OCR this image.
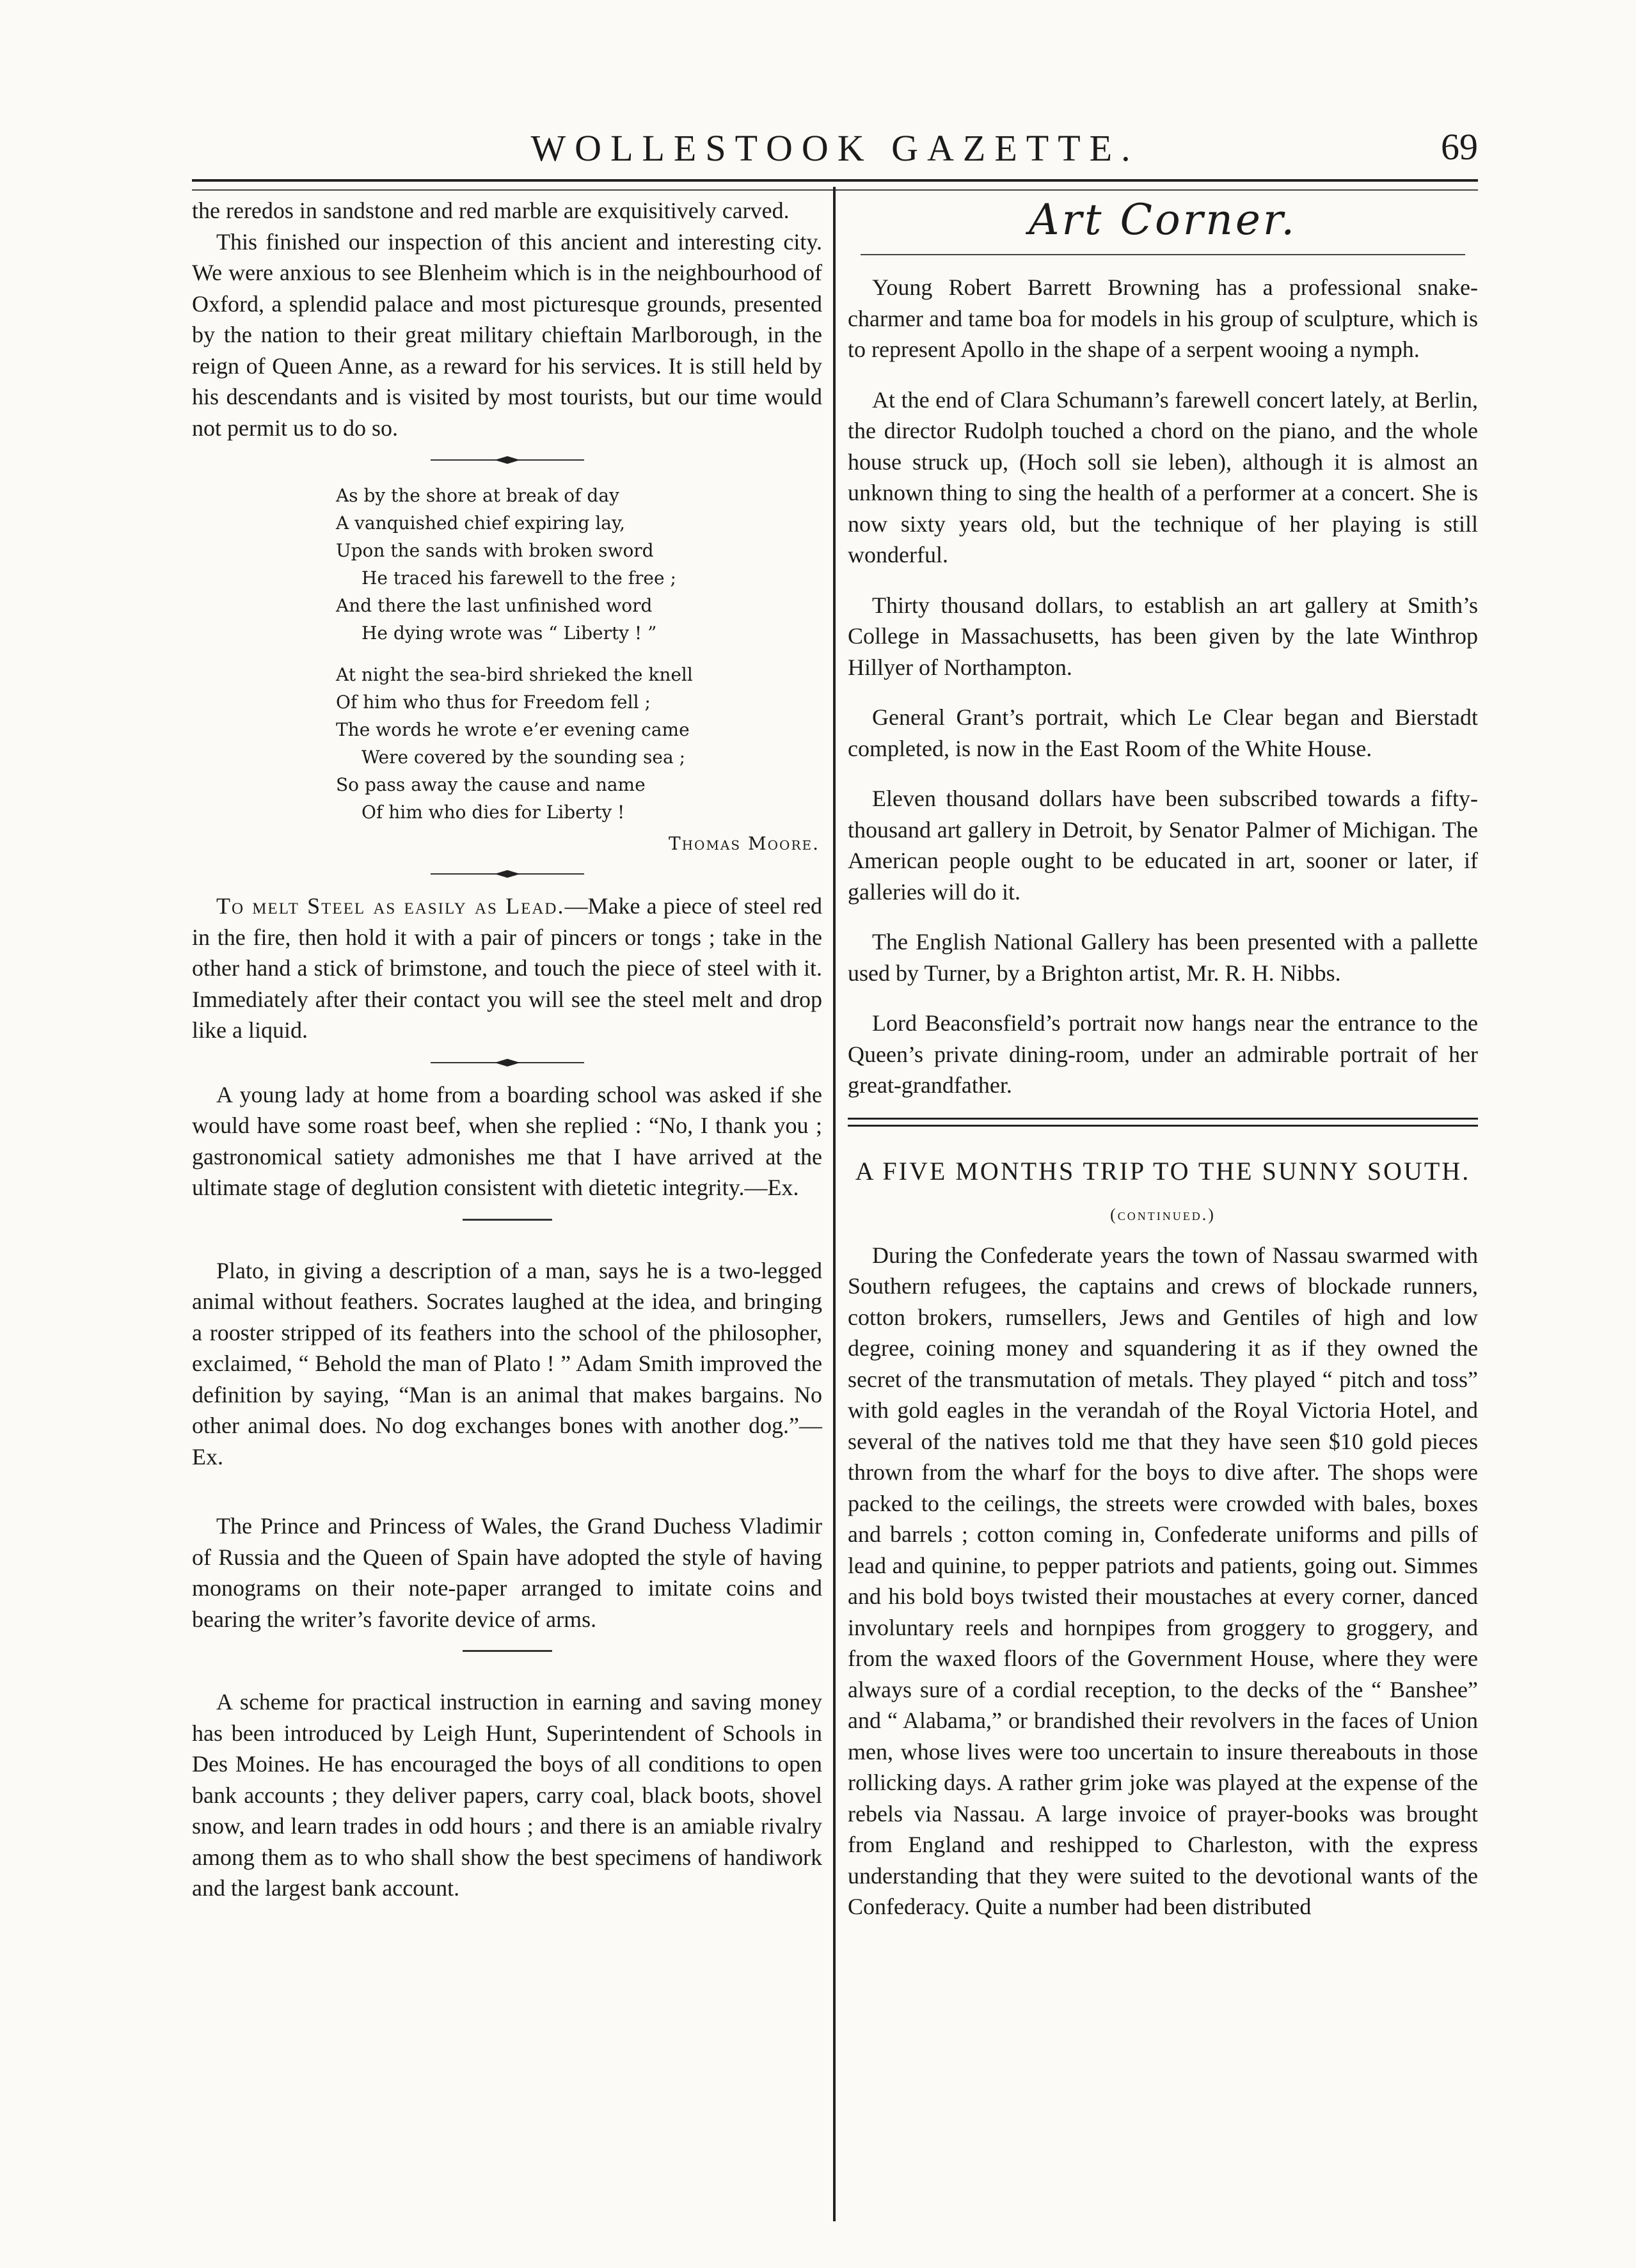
WOLLESTOOK GAZETTE.	69

the reredos in sandstone and red marble are exquisitively carved.

This finished our inspection of this ancient and interesting city. We were anxious to see Blenheim which is in the neighbourhood of Oxford, a splendid palace and most picturesque grounds, presented by the nation to their great military chieftain Marlborough, in the reign of Queen Anne, as a reward for his services. It is still held by his descendants and is visited by most tourists, but our time would not permit us to do so.

As by the shore at break of day
A vanquished chief expiring lay,
Upon the sands with broken sword
He traced his farewell to the free ;
And there the last unfinished word
He dying wrote was “ Liberty ! ”
At night the sea-bird shrieked the knell
Of him who thus for Freedom fell ;
The words he wrote e’er evening came
Were covered by the sounding sea ;
So pass away the cause and name
Of him who dies for Liberty !
Thomas Moore.

To melt Steel as easily as Lead.—Make a piece of steel red in the fire, then hold it with a pair of pincers or tongs ; take in the other hand a stick of brimstone, and touch the piece of steel with it. Immediately after their contact you will see the steel melt and drop like a liquid.

A young lady at home from a boarding school was asked if she would have some roast beef, when she replied : “No, I thank you ; gastronomical satiety admonishes me that I have arrived at the ultimate stage of deglution consistent with dietetic integrity.—Ex.

Plato, in giving a description of a man, says he is a two-legged animal without feathers. Socrates laughed at the idea, and bringing a rooster stripped of its feathers into the school of the philosopher, exclaimed, “ Behold the man of Plato ! ” Adam Smith improved the definition by saying, “Man is an animal that makes bargains. No other animal does. No dog exchanges bones with another dog.”—Ex.

The Prince and Princess of Wales, the Grand Duchess Vladimir of Russia and the Queen of Spain have adopted the style of having monograms on their note-paper arranged to imitate coins and bearing the writer’s favorite device of arms.

A scheme for practical instruction in earning and saving money has been introduced by Leigh Hunt, Superintendent of Schools in Des Moines. He has encouraged the boys of all conditions to open bank accounts ; they deliver papers, carry coal, black boots, shovel snow, and learn trades in odd hours ; and there is an amiable rivalry among them as to who shall show the best specimens of handiwork and the largest bank account.

Art Corner.

Young Robert Barrett Browning has a professional snake-charmer and tame boa for models in his group of sculpture, which is to represent Apollo in the shape of a serpent wooing a nymph.

At the end of Clara Schumann’s farewell concert lately, at Berlin, the director Rudolph touched a chord on the piano, and the whole house struck up, (Hoch soll sie leben), although it is almost an unknown thing to sing the health of a performer at a concert. She is now sixty years old, but the technique of her playing is still wonderful.

Thirty thousand dollars, to establish an art gallery at Smith’s College in Massachusetts, has been given by the late Winthrop Hillyer of Northampton.

General Grant’s portrait, which Le Clear began and Bierstadt completed, is now in the East Room of the White House.

Eleven thousand dollars have been subscribed towards a fifty-thousand art gallery in Detroit, by Senator Palmer of Michigan. The American people ought to be educated in art, sooner or later, if galleries will do it.

The English National Gallery has been presented with a pallette used by Turner, by a Brighton artist, Mr. R. H. Nibbs.

Lord Beaconsfield’s portrait now hangs near the entrance to the Queen’s private dining-room, under an admirable portrait of her great-grandfather.

A FIVE MONTHS TRIP TO THE SUNNY SOUTH.
(continued.)

During the Confederate years the town of Nassau swarmed with Southern refugees, the captains and crews of blockade runners, cotton brokers, rumsellers, Jews and Gentiles of high and low degree, coining money and squandering it as if they owned the secret of the transmutation of metals. They played “ pitch and toss” with gold eagles in the verandah of the Royal Victoria Hotel, and several of the natives told me that they have seen $10 gold pieces thrown from the wharf for the boys to dive after. The shops were packed to the ceilings, the streets were crowded with bales, boxes and barrels ; cotton coming in, Confederate uniforms and pills of lead and quinine, to pepper patriots and patients, going out. Simmes and his bold boys twisted their moustaches at every corner, danced involuntary reels and hornpipes from groggery to groggery, and from the waxed floors of the Government House, where they were always sure of a cordial reception, to the decks of the “ Banshee” and “ Alabama,” or brandished their revolvers in the faces of Union men, whose lives were too uncertain to insure thereabouts in those rollicking days. A rather grim joke was played at the expense of the rebels via Nassau. A large invoice of prayer-books was brought from England and reshipped to Charleston, with the express understanding that they were suited to the devotional wants of the Confederacy. Quite a number had been distributed
